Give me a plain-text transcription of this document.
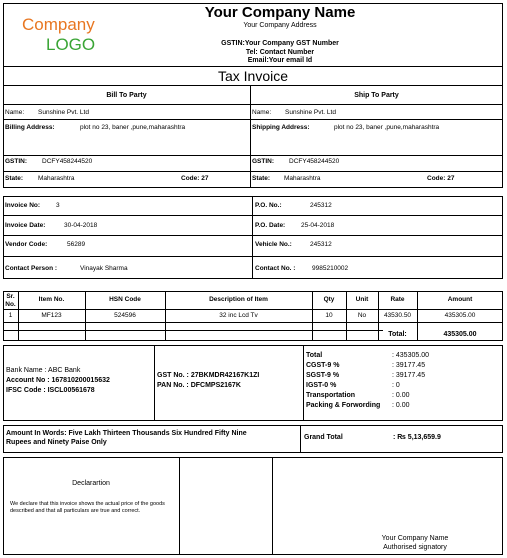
Company
LOGO
Your Company Name
Your Company Address
GSTIN:Your Company GST Number
Tel: Contact Number
Email:Your email Id
Tax Invoice
Bill To Party	Ship To Party
Name: Sunshine Pvt. Ltd
Billing Address:	plot no 23, baner ,pune,maharashtra
GSTIN: DCFY458244520
State: Maharashtra	Code: 27
Name: Sunshine Pvt. Ltd
Shipping Address:	plot no 23, baner ,pune,maharashtra
GSTIN: DCFY458244520
State: Maharashtra	Code: 27
Invoice No: 3
Invoice Date:	30-04-2018
Vendor Code:	56289
Contact Person :	Vinayak Sharma
P.O. No.:	245312
P.O. Date: 25-04-2018
Vehicle No.:	245312
Contact No. :	9985210002
Sr.
No.
Item No.	HSN Code	Description of Item	Qty	Unit	Rate	Amount
1	MF123	524596	32 inc Lcd Tv	10	No	43530.50	435305.00
Total:	435305.00
Bank Name : ABC Bank
Account No : 167810200015632
IFSC Code : ISCL00561678
GST No. : 27BKMDR42167K1ZI
PAN No. : DFCMPS2167K
Total	: 435305.00
CGST-9 %	: 39177.45
SGST-9 %	: 39177.45
IGST-0 %	: 0
Transportation	: 0.00
Packing & Forwording : 0.00
Amount In Words: Five Lakh Thirteen Thousands Six Hundred Fifty Nine
Rupees and Ninety Paise Only
Grand Total	: ₨ 5,13,659.9
Declarartion
We declare that this invoice shows the actual price of the goods described and that all particulars are true and correct.
Your Company Name
Authorised signatory
